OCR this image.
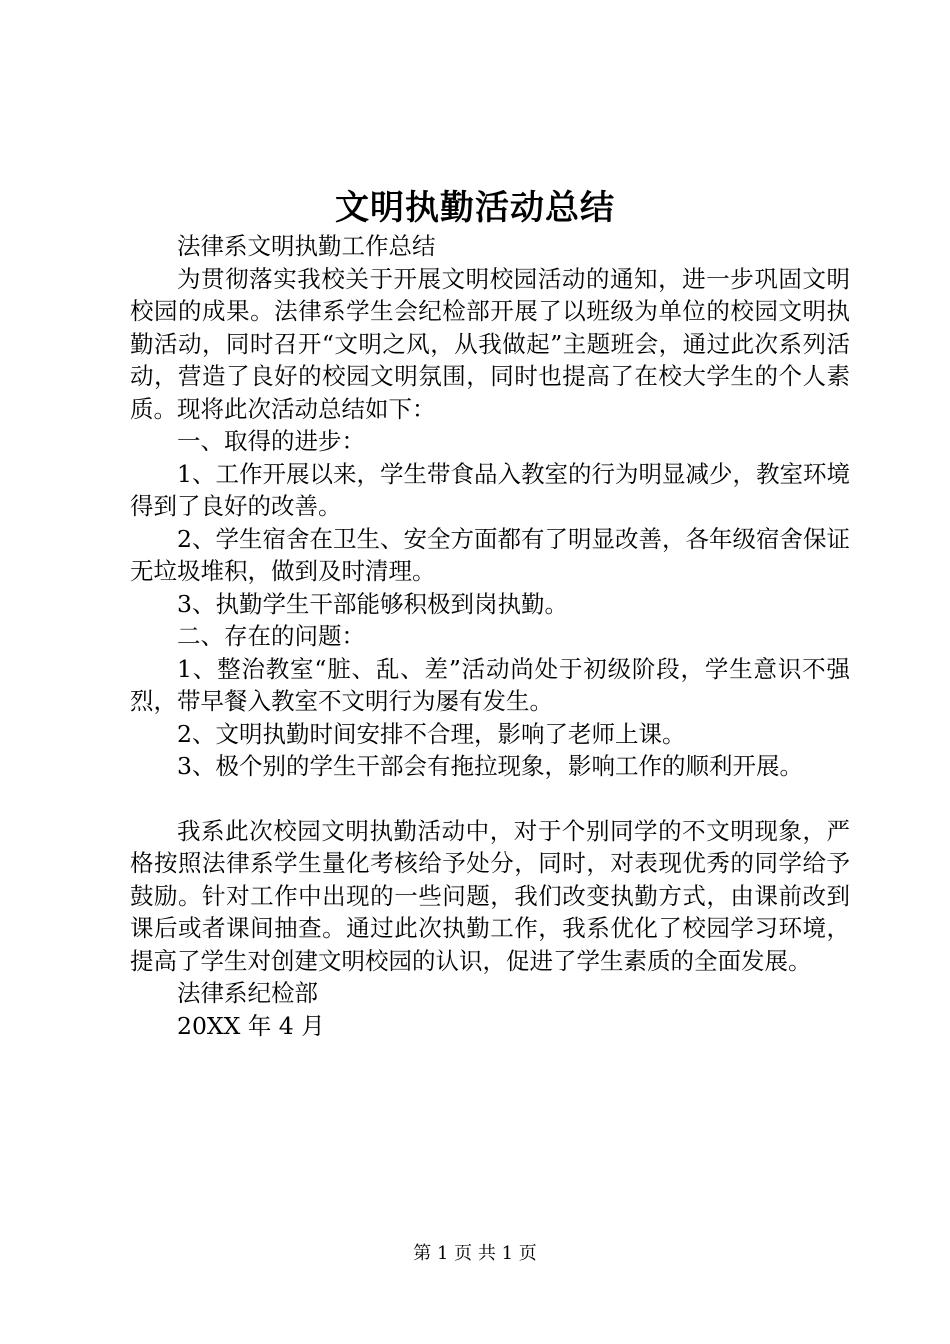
文明执勤活动总结

法律系文明执勤工作总结

为贯彻落实我校关于开展文明校园活动的通知，进一步巩固文明校园的成果。法律系学生会纪检部开展了以班级为单位的校园文明执勤活动，同时召开“文明之风，从我做起”主题班会，通过此次系列活动，营造了良好的校园文明氛围，同时也提高了在校大学生的个人素质。现将此次活动总结如下：

一、取得的进步：

1、工作开展以来，学生带食品入教室的行为明显减少，教室环境得到了良好的改善。

2、学生宿舍在卫生、安全方面都有了明显改善，各年级宿舍保证无垃圾堆积，做到及时清理。

3、执勤学生干部能够积极到岗执勤。

二、存在的问题：

1、整治教室“脏、乱、差”活动尚处于初级阶段，学生意识不强烈，带早餐入教室不文明行为屡有发生。

2、文明执勤时间安排不合理，影响了老师上课。

3、极个别的学生干部会有拖拉现象，影响工作的顺利开展。

我系此次校园文明执勤活动中，对于个别同学的不文明现象，严格按照法律系学生量化考核给予处分，同时，对表现优秀的同学给予鼓励。针对工作中出现的一些问题，我们改变执勤方式，由课前改到课后或者课间抽查。通过此次执勤工作，我系优化了校园学习环境，提高了学生对创建文明校园的认识，促进了学生素质的全面发展。

法律系纪检部

20XX 年 4 月

第 1 页 共 1 页
